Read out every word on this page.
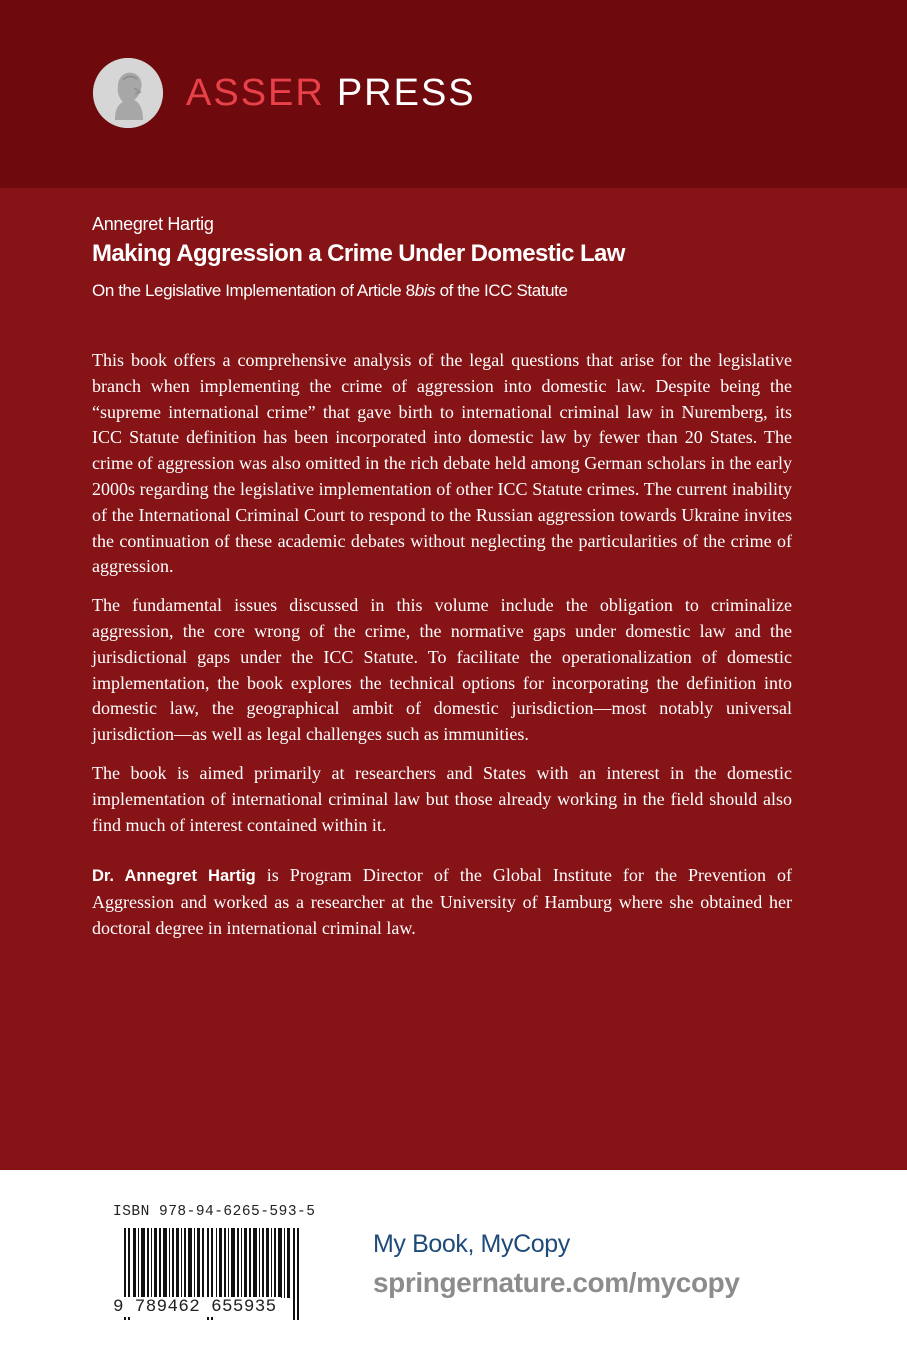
ASSER PRESS
Annegret Hartig
Making Aggression a Crime Under Domestic Law
On the Legislative Implementation of Article 8bis of the ICC Statute

This book offers a comprehensive analysis of the legal questions that arise for the legislative branch when implementing the crime of aggression into domestic law. Despite being the “supreme international crime” that gave birth to international criminal law in Nuremberg, its ICC Statute definition has been incorporated into domestic law by fewer than 20 States. The crime of aggression was also omitted in the rich debate held among German scholars in the early 2000s regarding the legislative implementation of other ICC Statute crimes. The current inability of the International Criminal Court to respond to the Russian aggression towards Ukraine invites the continuation of these academic debates without neglecting the particularities of the crime of aggression.

The fundamental issues discussed in this volume include the obligation to criminalize aggression, the core wrong of the crime, the normative gaps under domestic law and the jurisdictional gaps under the ICC Statute. To facilitate the operationalization of domestic implementation, the book explores the technical options for incorporating the definition into domestic law, the geographical ambit of domestic jurisdiction—most notably universal jurisdiction—as well as legal challenges such as immunities.

The book is aimed primarily at researchers and States with an interest in the domestic implementation of international criminal law but those already working in the field should also find much of interest contained within it.

Dr. Annegret Hartig is Program Director of the Global Institute for the Prevention of Aggression and worked as a researcher at the University of Hamburg where she obtained her doctoral degree in international criminal law.

ISBN 978-94-6265-593-5
9 789462 655935
My Book, MyCopy
springernature.com/mycopy
